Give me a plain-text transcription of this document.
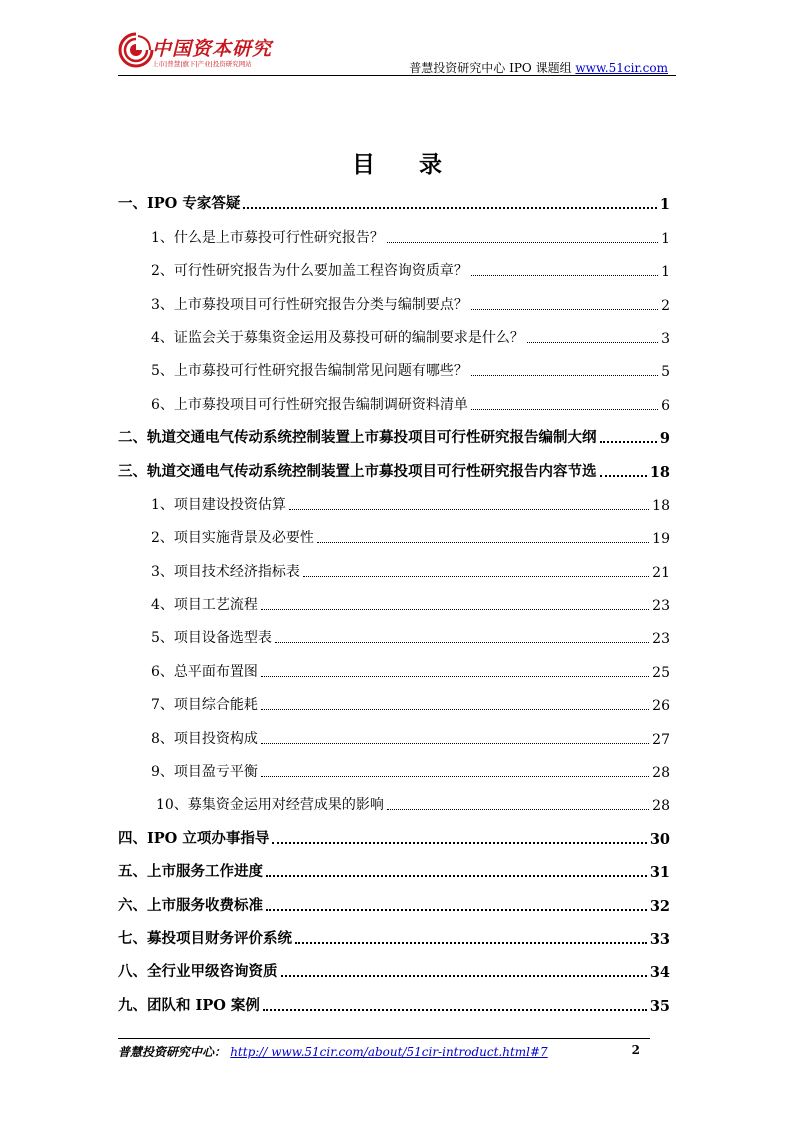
中国资本研究
上市|普慧|旗下|产业|投资研究网站	普慧投资研究中心 IPO 课题组 www.51cir.com
目 录
一、IPO 专家答疑	1
1、什么是上市募投可行性研究报告？	1
2、可行性研究报告为什么要加盖工程咨询资质章？	1
3、上市募投项目可行性研究报告分类与编制要点？	2
4、证监会关于募集资金运用及募投可研的编制要求是什么？	3
5、上市募投可行性研究报告编制常见问题有哪些？	5
6、上市募投项目可行性研究报告编制调研资料清单	6
二、轨道交通电气传动系统控制装置上市募投项目可行性研究报告编制大纲	9
三、轨道交通电气传动系统控制装置上市募投项目可行性研究报告内容节选	18
1、项目建设投资估算	18
2、项目实施背景及必要性	19
3、项目技术经济指标表	21
4、项目工艺流程	23
5、项目设备选型表	23
6、总平面布置图	25
7、项目综合能耗	26
8、项目投资构成	27
9、项目盈亏平衡	28
10、募集资金运用对经营成果的影响	28
四、IPO 立项办事指导	30
五、上市服务工作进度	31
六、上市服务收费标准	32
七、募投项目财务评价系统	33
八、全行业甲级咨询资质	34
九、团队和 IPO 案例	35
普慧投资研究中心： http:// www.51cir.com/about/51cir-introduct.html#7	2
